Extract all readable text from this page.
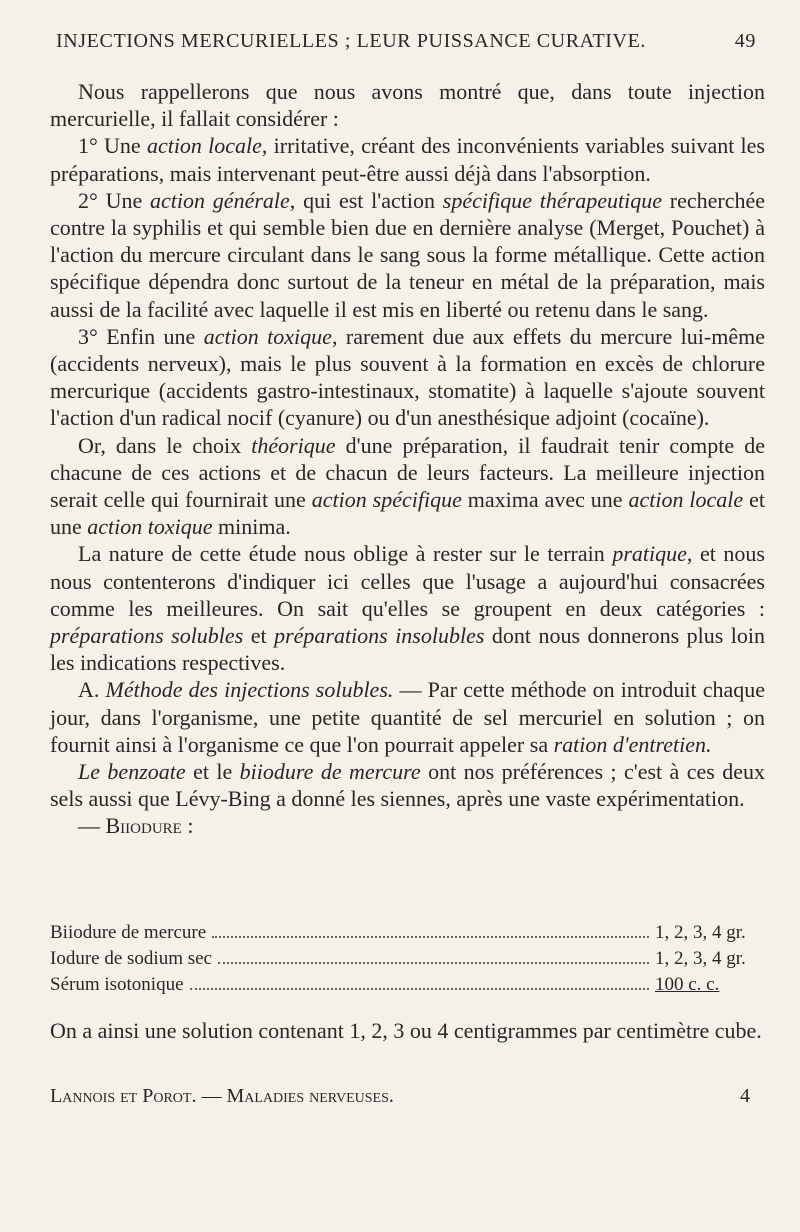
INJECTIONS MERCURIELLES ; LEUR PUISSANCE CURATIVE.	49

Nous rappellerons que nous avons montré que, dans toute injection mercurielle, il fallait considérer :

1° Une action locale, irritative, créant des inconvénients variables suivant les préparations, mais intervenant peut-être aussi déjà dans l'absorption.

2° Une action générale, qui est l'action spécifique thérapeutique recherchée contre la syphilis et qui semble bien due en dernière analyse (Merget, Pouchet) à l'action du mercure circulant dans le sang sous la forme métallique. Cette action spécifique dépendra donc surtout de la teneur en métal de la préparation, mais aussi de la facilité avec laquelle il est mis en liberté ou retenu dans le sang.

3° Enfin une action toxique, rarement due aux effets du mercure lui-même (accidents nerveux), mais le plus souvent à la formation en excès de chlorure mercurique (accidents gastro-intestinaux, stomatite) à laquelle s'ajoute souvent l'action d'un radical nocif (cyanure) ou d'un anesthésique adjoint (cocaïne).

Or, dans le choix théorique d'une préparation, il faudrait tenir compte de chacune de ces actions et de chacun de leurs facteurs. La meilleure injection serait celle qui fournirait une action spécifique maxima avec une action locale et une action toxique minima.

La nature de cette étude nous oblige à rester sur le terrain pratique, et nous nous contenterons d'indiquer ici celles que l'usage a aujourd'hui consacrées comme les meilleures. On sait qu'elles se groupent en deux catégories : préparations solubles et préparations insolubles dont nous donnerons plus loin les indications respectives.

A. Méthode des injections solubles. — Par cette méthode on introduit chaque jour, dans l'organisme, une petite quantité de sel mercuriel en solution ; on fournit ainsi à l'organisme ce que l'on pourrait appeler sa ration d'entretien.

Le benzoate et le biiodure de mercure ont nos préférences ; c'est à ces deux sels aussi que Lévy-Bing a donné les siennes, après une vaste expérimentation.

— Biiodure :

Biiodure de mercure	1, 2, 3, 4 gr.
Iodure de sodium sec	1, 2, 3, 4 gr.
Sérum isotonique	100 c. c.
On a ainsi une solution contenant 1, 2, 3 ou 4 centigrammes par centimètre cube.
Lannois et Porot. — Maladies nerveuses.	4
